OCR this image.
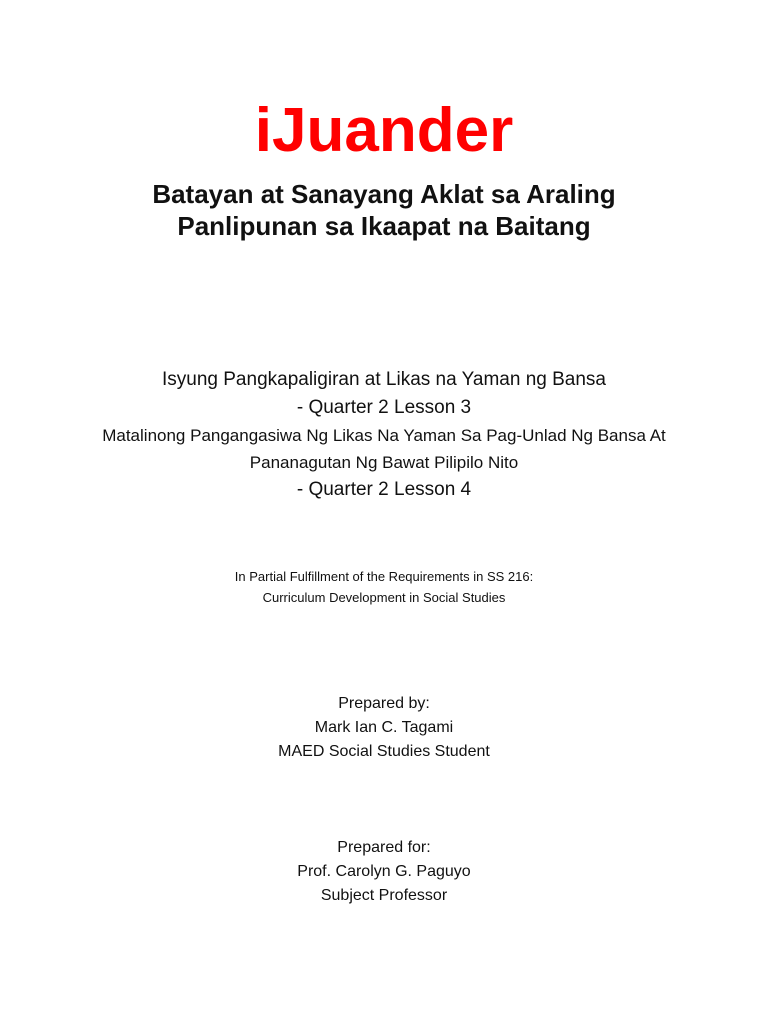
iJuander
Batayan at Sanayang Aklat sa Araling
Panlipunan sa Ikaapat na Baitang
Isyung Pangkapaligiran at Likas na Yaman ng Bansa
- Quarter 2 Lesson 3
Matalinong Pangangasiwa Ng Likas Na Yaman Sa Pag-Unlad Ng Bansa At
Pananagutan Ng Bawat Pilipilo Nito
- Quarter 2 Lesson 4
In Partial Fulfillment of the Requirements in SS 216:
Curriculum Development in Social Studies
Prepared by:
Mark Ian C. Tagami
MAED Social Studies Student
Prepared for:
Prof. Carolyn G. Paguyo
Subject Professor
